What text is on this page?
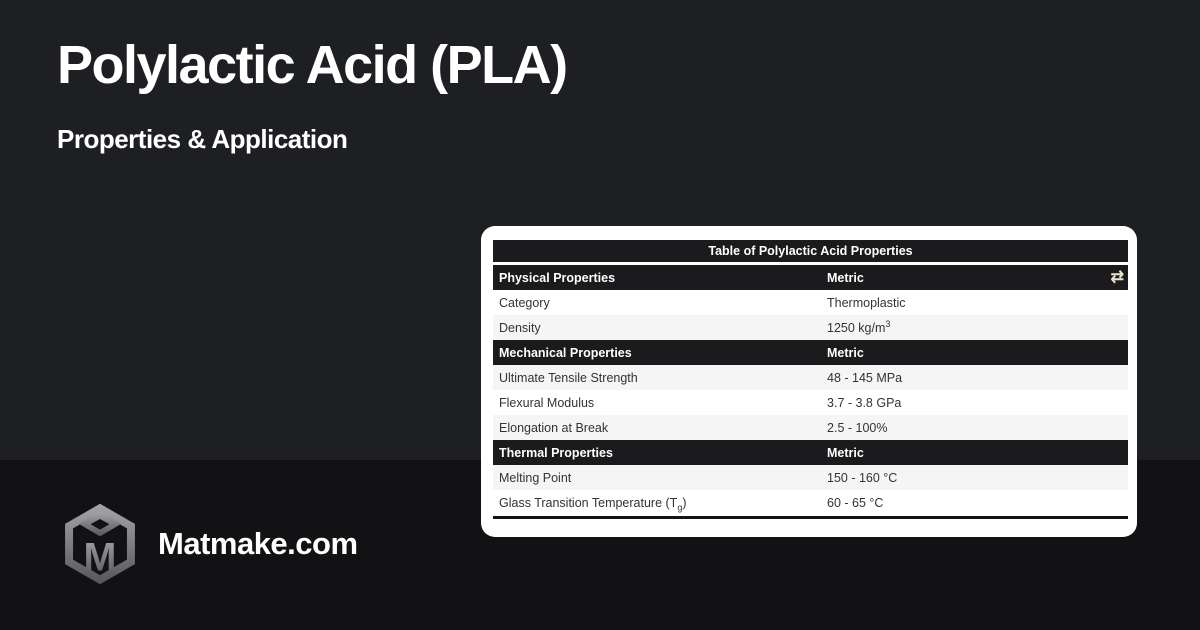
Polylactic Acid (PLA)
Properties & Application
Table of Polylactic Acid Properties
Physical Properties	Metric	⇄
Category	Thermoplastic
Density	1250 $kg/m^3$
Mechanical Properties	Metric
Ultimate Tensile Strength	48 - 145 MPa
Flexural Modulus	3.7 - 3.8 GPa
Elongation at Break	2.5 - 100%
Thermal Properties	Metric
Melting Point	150 - 160 °C
Glass Transition Temperature $(T_g)$	60 - 65 °C
M Matmake.com
